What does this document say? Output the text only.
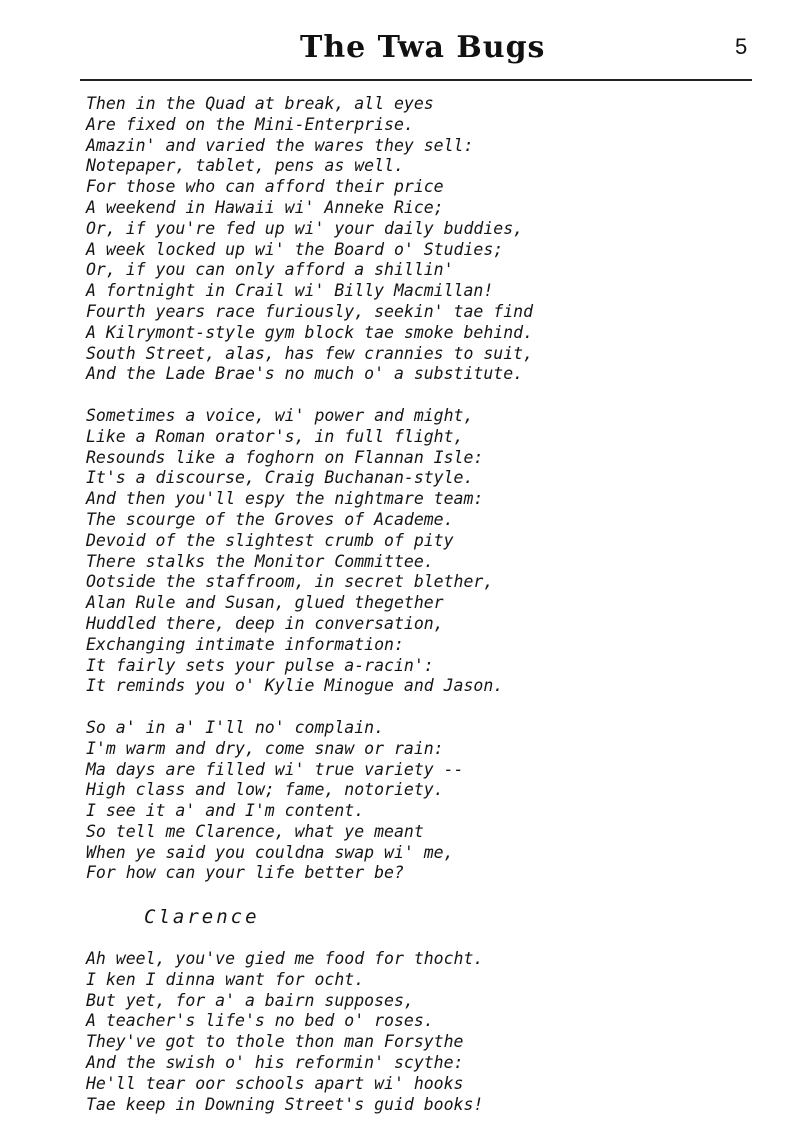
The Twa Bugs	5
Then in the Quad at break, all eyes
Are fixed on the Mini-Enterprise.
Amazin' and varied the wares they sell:
Notepaper, tablet, pens as well.
For those who can afford their price
A weekend in Hawaii wi' Anneke Rice;
Or, if you're fed up wi' your daily buddies,
A week locked up wi' the Board o' Studies;
Or, if you can only afford a shillin'
A fortnight in Crail wi' Billy Macmillan!
Fourth years race furiously, seekin' tae find
A Kilrymont-style gym block tae smoke behind.
South Street, alas, has few crannies to suit,
And the Lade Brae's no much o' a substitute.
Sometimes a voice, wi' power and might,
Like a Roman orator's, in full flight,
Resounds like a foghorn on Flannan Isle:
It's a discourse, Craig Buchanan-style.
And then you'll espy the nightmare team:
The scourge of the Groves of Academe.
Devoid of the slightest crumb of pity
There stalks the Monitor Committee.
Ootside the staffroom, in secret blether,
Alan Rule and Susan, glued thegether
Huddled there, deep in conversation,
Exchanging intimate information:
It fairly sets your pulse a-racin':
It reminds you o' Kylie Minogue and Jason.
So a' in a' I'll no' complain.
I'm warm and dry, come snaw or rain:
Ma days are filled wi' true variety --
High class and low; fame, notoriety.
I see it a' and I'm content.
So tell me Clarence, what ye meant
When ye said you couldna swap wi' me,
For how can your life better be?
Clarence
Ah weel, you've gied me food for thocht.
I ken I dinna want for ocht.
But yet, for a' a bairn supposes,
A teacher's life's no bed o' roses.
They've got to thole thon man Forsythe
And the swish o' his reformin' scythe:
He'll tear oor schools apart wi' hooks
Tae keep in Downing Street's guid books!
